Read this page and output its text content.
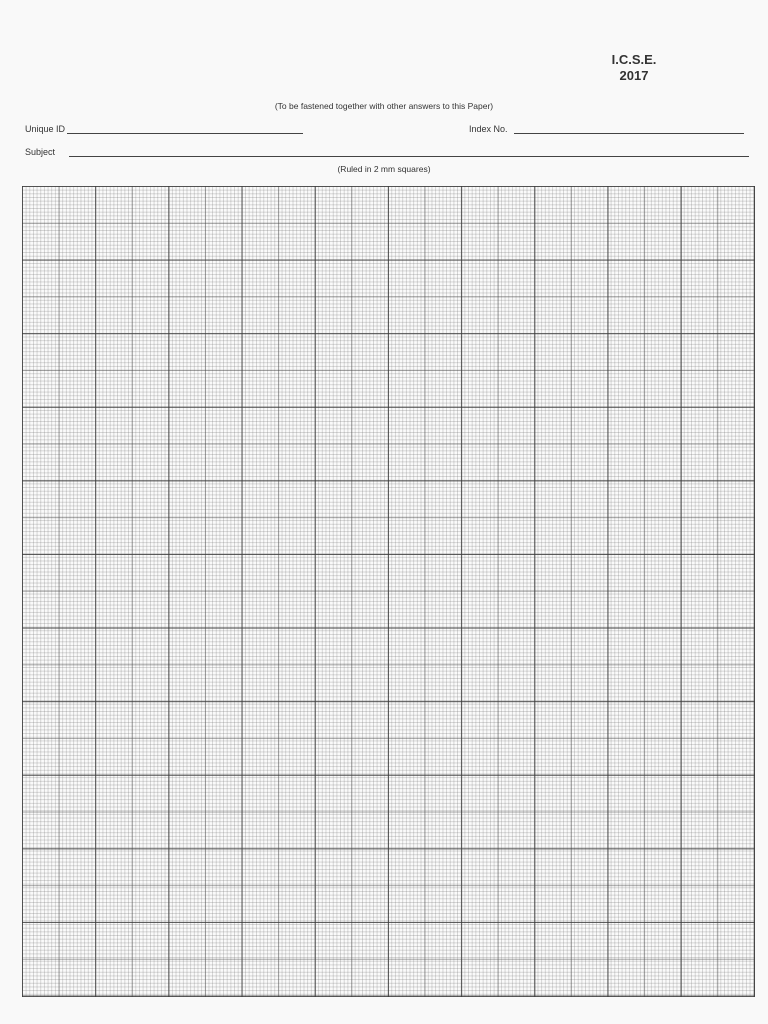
I.C.S.E.
2017
(To be fastened together with other answers to this Paper)
Unique ID	Index No.
Subject
(Ruled in 2 mm squares)
